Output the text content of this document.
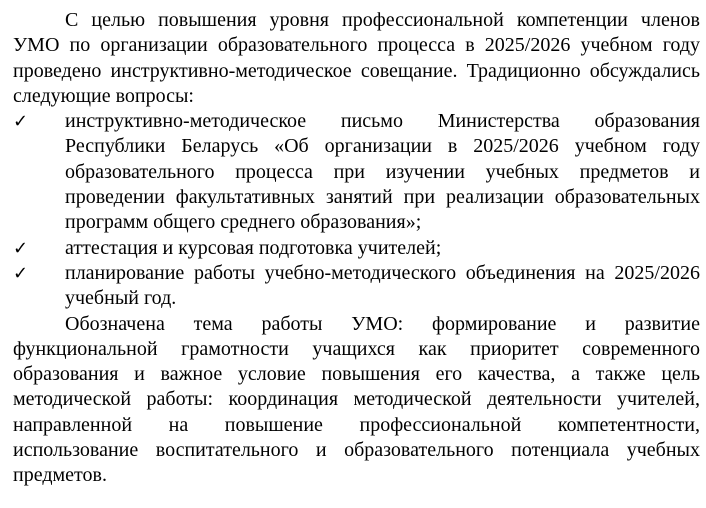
С целью повышения уровня профессиональной компетенции членов УМО по организации образовательного процесса в 2025/2026 учебном году проведено инструктивно-методическое совещание. Традиционно обсуждались следующие вопросы:

✓	инструктивно-методическое письмо Министерства образования Республики Беларусь «Об организации в 2025/2026 учебном году образовательного процесса при изучении учебных предметов и проведении факультативных занятий при реализации образовательных программ общего среднего образования»;
✓	аттестация и курсовая подготовка учителей;
✓	планирование работы учебно-методического объединения на 2025/2026 учебный год.

Обозначена тема работы УМО: формирование и развитие функциональной грамотности учащихся как приоритет современного образования и важное условие повышения его качества, а также цель методической работы: координация методической деятельности учителей, направленной на повышение профессиональной компетентности, использование воспитательного и образовательного потенциала учебных предметов.
